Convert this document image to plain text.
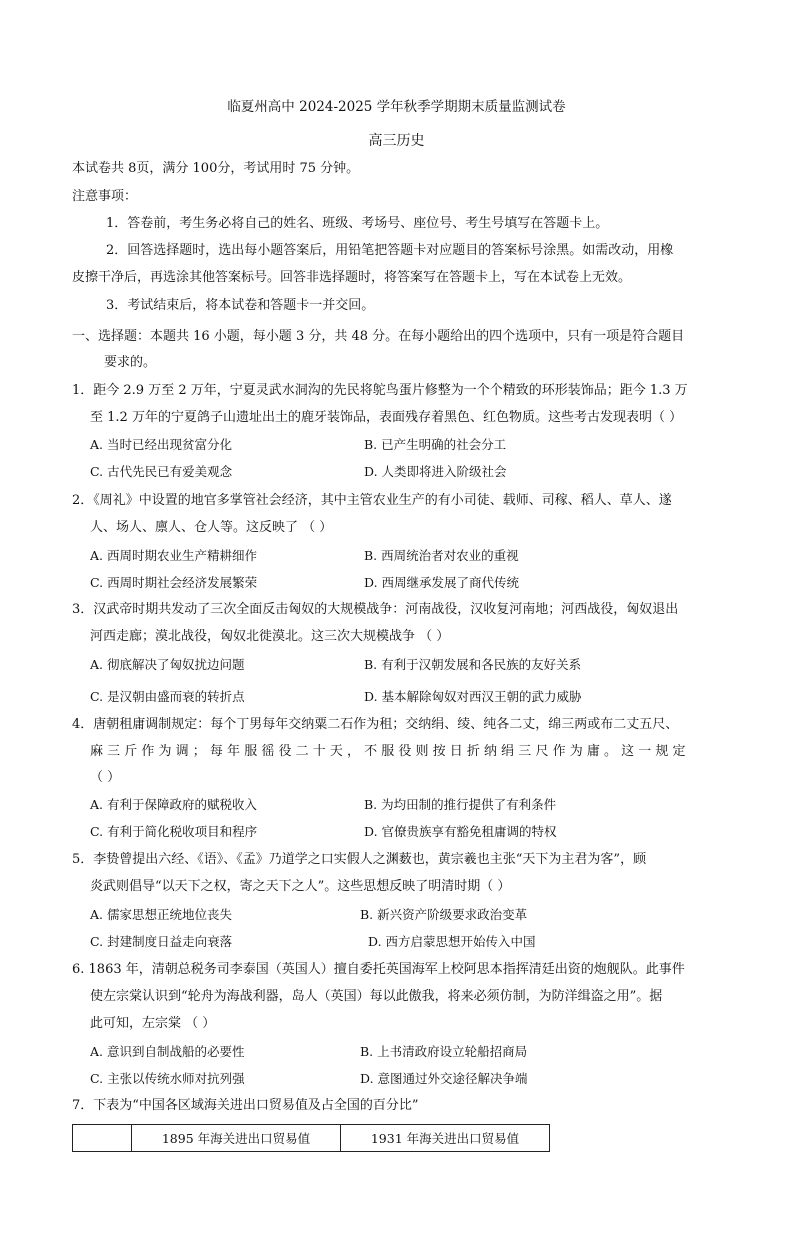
临夏州高中 2024-2025 学年秋季学期期末质量监测试卷
高三历史
本试卷共 8页，满分 100分，考试用时 75 分钟。
注意事项：
1．答卷前，考生务必将自己的姓名、班级、考场号、座位号、考生号填写在答题卡上。
2．回答选择题时，选出每小题答案后，用铅笔把答题卡对应题目的答案标号涂黑。如需改动，用橡
皮擦干净后，再选涂其他答案标号。回答非选择题时，将答案写在答题卡上，写在本试卷上无效。
3．考试结束后，将本试卷和答题卡一并交回。
一、选择题：本题共 16 小题，每小题 3 分，共 48 分。在每小题给出的四个选项中，只有一项是符合题目
要求的。
1．距今 2.9 万至 2 万年，宁夏灵武水洞沟的先民将鸵鸟蛋片修整为一个个精致的环形装饰品；距今 1.3 万
至 1.2 万年的宁夏鸽子山遗址出土的鹿牙装饰品，表面残存着黑色、红色物质。这些考古发现表明（ ）
A. 当时已经出现贫富分化	B. 已产生明确的社会分工
C. 古代先民已有爱美观念	D. 人类即将进入阶级社会
2．《周礼》中设置的地官多掌管社会经济，其中主管农业生产的有小司徒、载师、司稼、稻人、草人、遂
人、场人、廪人、仓人等。这反映了 （ ）
A. 西周时期农业生产精耕细作	B. 西周统治者对农业的重视
C. 西周时期社会经济发展繁荣	D. 西周继承发展了商代传统
3．汉武帝时期共发动了三次全面反击匈奴的大规模战争：河南战役，汉收复河南地；河西战役，匈奴退出
河西走廊；漠北战役，匈奴北徙漠北。这三次大规模战争 （ ）
A. 彻底解决了匈奴扰边问题	B. 有利于汉朝发展和各民族的友好关系
C. 是汉朝由盛而衰的转折点	D. 基本解除匈奴对西汉王朝的武力威胁
4．唐朝租庸调制规定：每个丁男每年交纳粟二石作为租；交纳绢、绫、纯各二丈，绵三两或布二丈五尺、
麻 三 斤 作 为 调 ； 每 年 服 徭 役 二 十 天 ， 不 服 役 则 按 日 折 纳 绢 三 尺 作 为 庸 。 这 一 规 定
（ ）
A. 有利于保障政府的赋税收入	B. 为均田制的推行提供了有利条件
C. 有利于简化税收项目和程序	D. 官僚贵族享有豁免租庸调的特权
5．李贽曾提出六经、《语》、《孟》乃道学之口实假人之渊薮也，黄宗羲也主张“天下为主君为客”，顾
炎武则倡导“以天下之权，寄之天下之人”。这些思想反映了明清时期（ ）
A. 儒家思想正统地位丧失	B. 新兴资产阶级要求政治变革
C. 封建制度日益走向衰落	D. 西方启蒙思想开始传入中国
6. 1863 年，清朝总税务司李泰国（英国人）擅自委托英国海军上校阿思本指挥清廷出资的炮舰队。此事件
使左宗棠认识到“轮舟为海战利器，岛人（英国）每以此傲我，将来必须仿制，为防洋缉盗之用”。据
此可知，左宗棠 （ ）
A. 意识到自制战船的必要性	B. 上书清政府设立轮船招商局
C. 主张以传统水师对抗列强	D. 意图通过外交途径解决争端
7．下表为“中国各区域海关进出口贸易值及占全国的百分比”
	1895 年海关进出口贸易值	1931 年海关进出口贸易值
